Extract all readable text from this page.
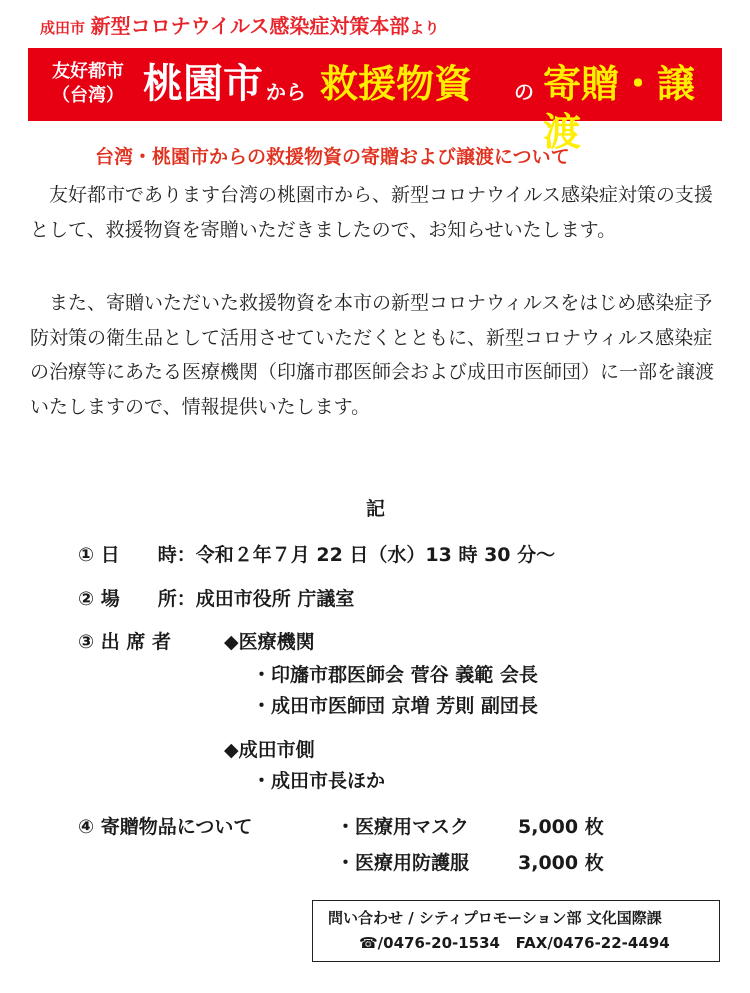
成田市 新型コロナウイルス感染症対策本部より
友好都市
（台湾） 桃園市 から 救援物資 の 寄贈・譲渡
台湾・桃園市からの救援物資の寄贈および譲渡について
友好都市であります台湾の桃園市から、新型コロナウイルス感染症対策の支援として、救援物資を寄贈いただきましたので、お知らせいたします。
また、寄贈いただいた救援物資を本市の新型コロナウィルスをはじめ感染症予防対策の衛生品として活用させていただくとともに、新型コロナウィルス感染症の治療等にあたる医療機関（印旛市郡医師会および成田市医師団）に一部を譲渡いたしますので、情報提供いたします。
記
① 日　　時：令和２年７月 22 日（水）13 時 30 分～
② 場　　所：成田市役所 庁議室
③ 出 席 者	◆医療機関
・印旛市郡医師会 菅谷 義範 会長
・成田市医師団 京増 芳則 副団長
◆成田市側
・成田市長ほか
④ 寄贈物品について	・医療用マスク	5,000 枚
・医療用防護服	3,000 枚
問い合わせ / シティプロモーション部 文化国際課
☎/0476-20-1534 FAX/0476-22-4494
